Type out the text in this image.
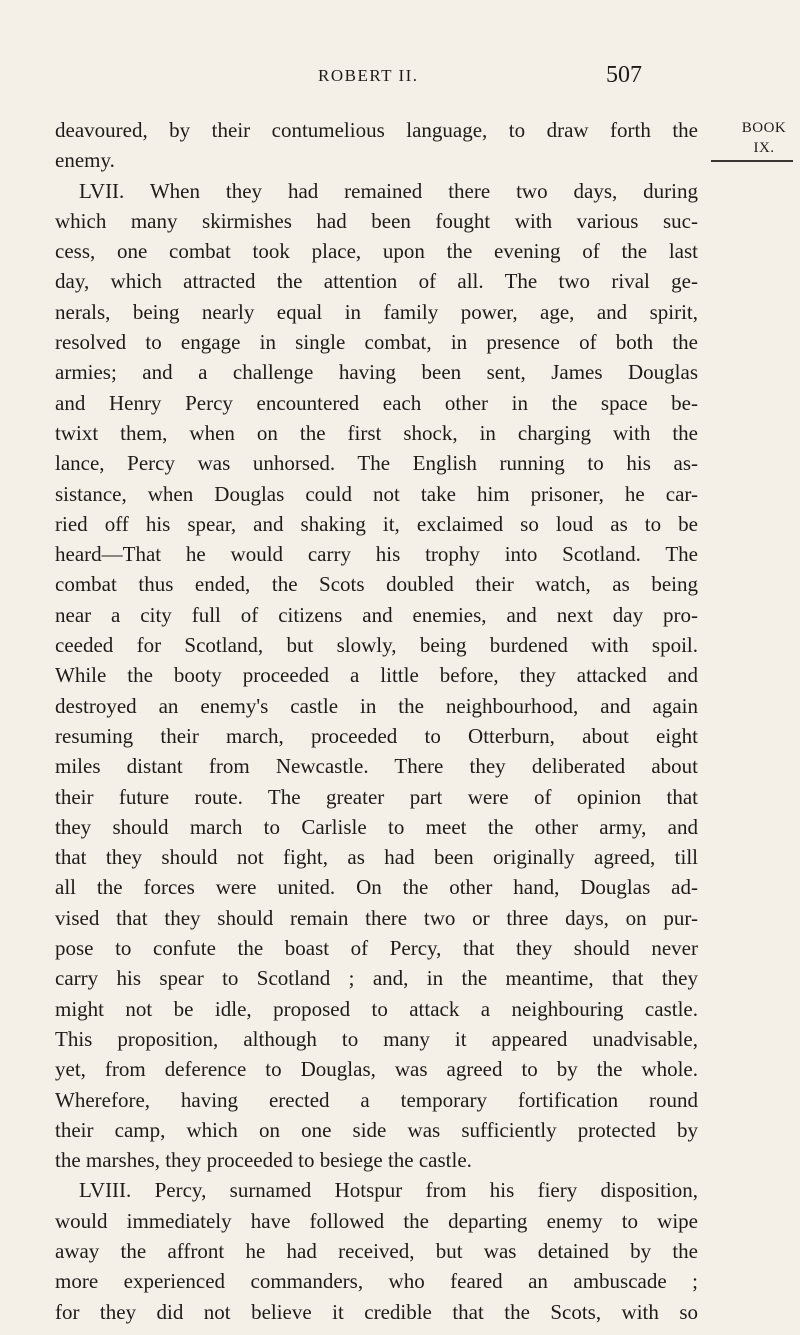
ROBERT II.	507
BOOK
IX.
deavoured, by their contumelious language, to draw forth the
enemy.
LVII. When they had remained there two days, during
which many skirmishes had been fought with various suc-
cess, one combat took place, upon the evening of the last
day, which attracted the attention of all. The two rival ge-
nerals, being nearly equal in family power, age, and spirit,
resolved to engage in single combat, in presence of both the
armies; and a challenge having been sent, James Douglas
and Henry Percy encountered each other in the space be-
twixt them, when on the first shock, in charging with the
lance, Percy was unhorsed. The English running to his as-
sistance, when Douglas could not take him prisoner, he car-
ried off his spear, and shaking it, exclaimed so loud as to be
heard—That he would carry his trophy into Scotland. The
combat thus ended, the Scots doubled their watch, as being
near a city full of citizens and enemies, and next day pro-
ceeded for Scotland, but slowly, being burdened with spoil.
While the booty proceeded a little before, they attacked and
destroyed an enemy's castle in the neighbourhood, and again
resuming their march, proceeded to Otterburn, about eight
miles distant from Newcastle. There they deliberated about
their future route. The greater part were of opinion that
they should march to Carlisle to meet the other army, and
that they should not fight, as had been originally agreed, till
all the forces were united. On the other hand, Douglas ad-
vised that they should remain there two or three days, on pur-
pose to confute the boast of Percy, that they should never
carry his spear to Scotland ; and, in the meantime, that they
might not be idle, proposed to attack a neighbouring castle.
This proposition, although to many it appeared unadvisable,
yet, from deference to Douglas, was agreed to by the whole.
Wherefore, having erected a temporary fortification round
their camp, which on one side was sufficiently protected by
the marshes, they proceeded to besiege the castle.
LVIII. Percy, surnamed Hotspur from his fiery disposition,
would immediately have followed the departing enemy to wipe
away the affront he had received, but was detained by the
more experienced commanders, who feared an ambuscade ;
for they did not believe it credible that the Scots, with so
